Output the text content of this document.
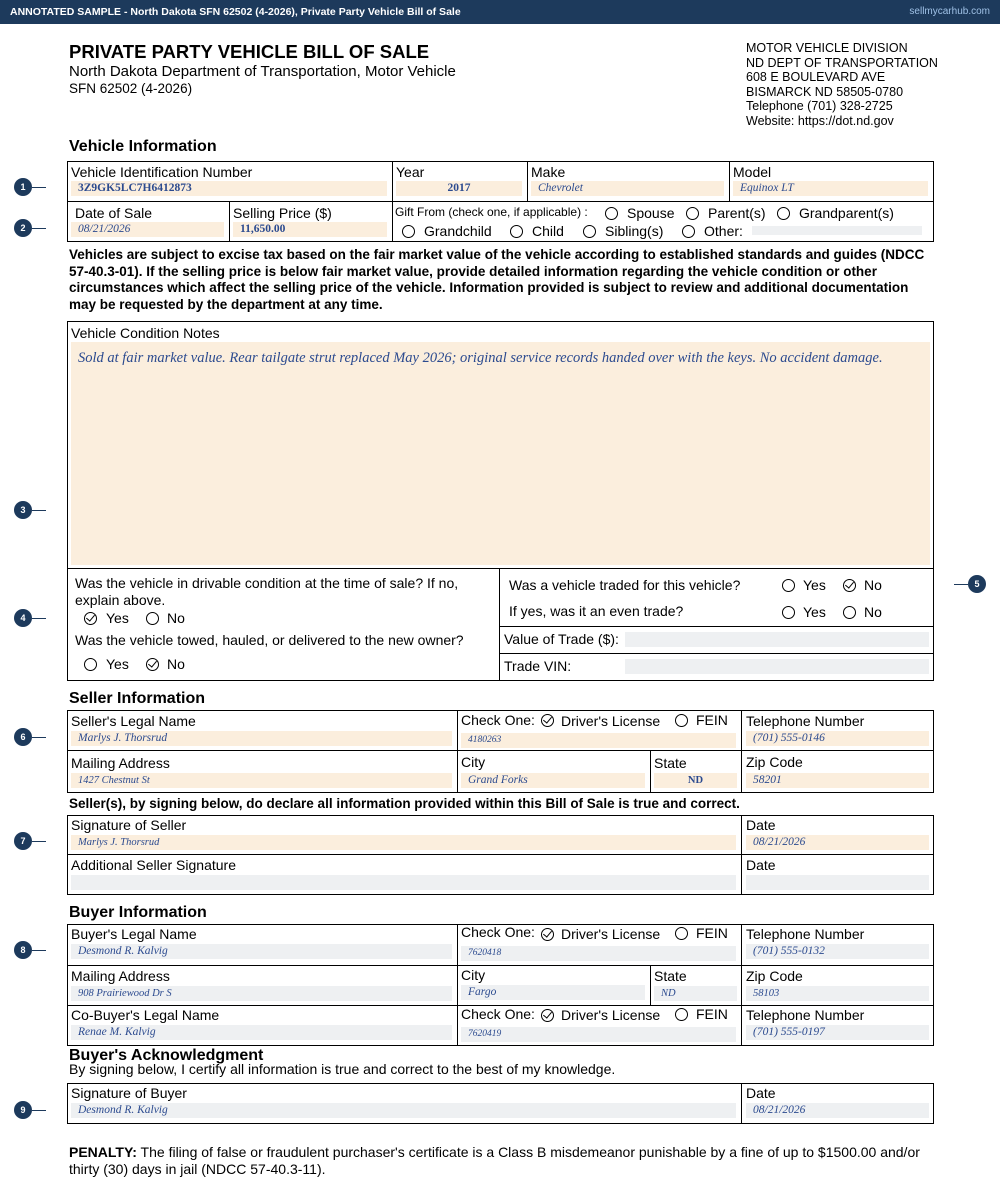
ANNOTATED SAMPLE - North Dakota SFN 62502 (4-2026), Private Party Vehicle Bill of Sale	sellmycarhub.com
PRIVATE PARTY VEHICLE BILL OF SALE
North Dakota Department of Transportation, Motor Vehicle
SFN 62502 (4-2026)
MOTOR VEHICLE DIVISION
ND DEPT OF TRANSPORTATION
608 E BOULEVARD AVE
BISMARCK ND 58505-0780
Telephone (701) 328-2725
Website: https://dot.nd.gov
1
2
3
4
5
6
7
8
9
Vehicle Information
Vehicle Identification Number
3Z9GK5LC7H6412873
Year
2017
Make
Chevrolet
Model
Equinox LT
Date of Sale
08/21/2026
Selling Price ($)
11,650.00
Gift From (check one, if applicable) :	Spouse Parent(s) Grandparent(s)
Grandchild	Child	Sibling(s)	Other:
Vehicles are subject to excise tax based on the fair market value of the vehicle according to established standards and guides (NDCC 57-40.3-01). If the selling price is below fair market value, provide detailed information regarding the vehicle condition or other circumstances which affect the selling price of the vehicle. Information provided is subject to review and additional documentation may be requested by the department at any time.
Vehicle Condition Notes
Sold at fair market value. Rear tailgate strut replaced May 2026; original service records handed over with the keys. No accident damage.
Was the vehicle in drivable condition at the time of sale? If no, explain above.
Yes	No
Was the vehicle towed, hauled, or delivered to the new owner?
Yes	No
Was a vehicle traded for this vehicle?	Yes	No
If yes, was it an even trade?	Yes	No
Value of Trade ($):
Trade VIN:
Seller Information
Seller's Legal Name
Marlys J. Thorsrud
Check One: Driver's License	FEIN
4180263
Telephone Number
(701) 555-0146
Mailing Address
1427 Chestnut St
City
Grand Forks
State
ND
Zip Code
58201
Seller(s), by signing below, do declare all information provided within this Bill of Sale is true and correct.
Signature of Seller
Marlys J. Thorsrud
Date
08/21/2026
Additional Seller Signature	Date
Buyer Information
Buyer's Legal Name
Desmond R. Kalvig
Check One: Driver's License	FEIN
7620418
Telephone Number
(701) 555-0132
Mailing Address
908 Prairiewood Dr S
City
Fargo
State
ND
Zip Code
58103
Co-Buyer's Legal Name
Renae M. Kalvig
Check One: Driver's License	FEIN
7620419
Telephone Number
(701) 555-0197
Buyer's Acknowledgment
By signing below, I certify all information is true and correct to the best of my knowledge.
Signature of Buyer
Desmond R. Kalvig
Date
08/21/2026
PENALTY: The filing of false or fraudulent purchaser's certificate is a Class B misdemeanor punishable by a fine of up to $1500.00 and/or thirty (30) days in jail (NDCC 57-40.3-11).
